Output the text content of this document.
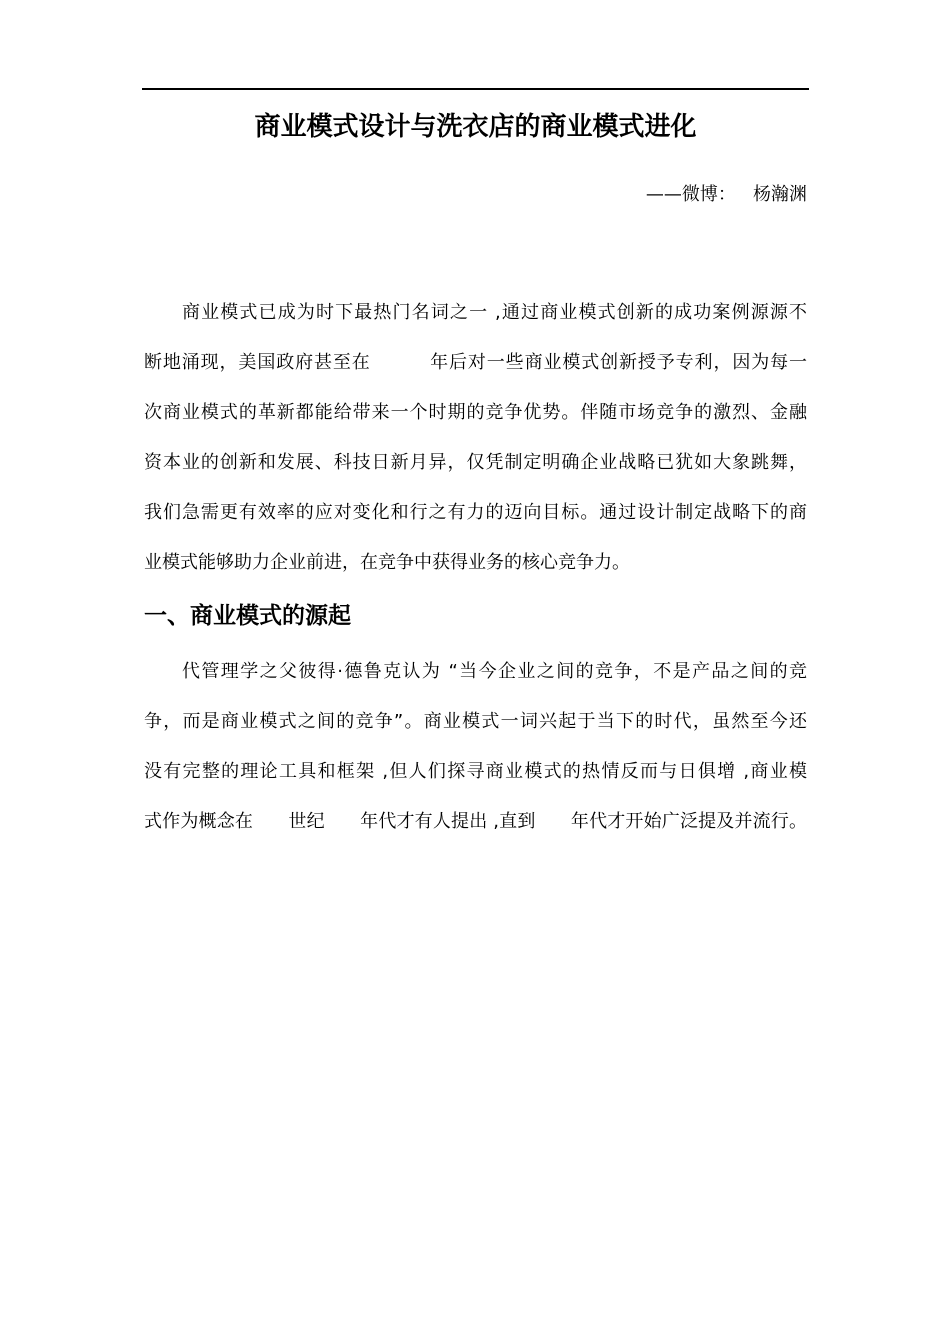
商业模式设计与洗衣店的商业模式进化
——微博：   杨瀚渊
商业模式已成为时下最热门名词之一 ,通过商业模式创新的成功案例源源不
断地涌现，美国政府甚至在         年后对一些商业模式创新授予专利，因为每一
次商业模式的革新都能给带来一个时期的竞争优势。伴随市场竞争的激烈、金融
资本业的创新和发展、科技日新月异，仅凭制定明确企业战略已犹如大象跳舞，
我们急需更有效率的应对变化和行之有力的迈向目标。通过设计制定战略下的商
业模式能够助力企业前进，在竞争中获得业务的核心竞争力。
一、商业模式的源起
代管理学之父彼得·德鲁克认为 “当今企业之间的竞争，不是产品之间的竞
争，而是商业模式之间的竞争”。商业模式一词兴起于当下的时代，虽然至今还
没有完整的理论工具和框架 ,但人们探寻商业模式的热情反而与日俱增 ,商业模
式作为概念在      世纪      年代才有人提出 ,直到      年代才开始广泛提及并流行。
